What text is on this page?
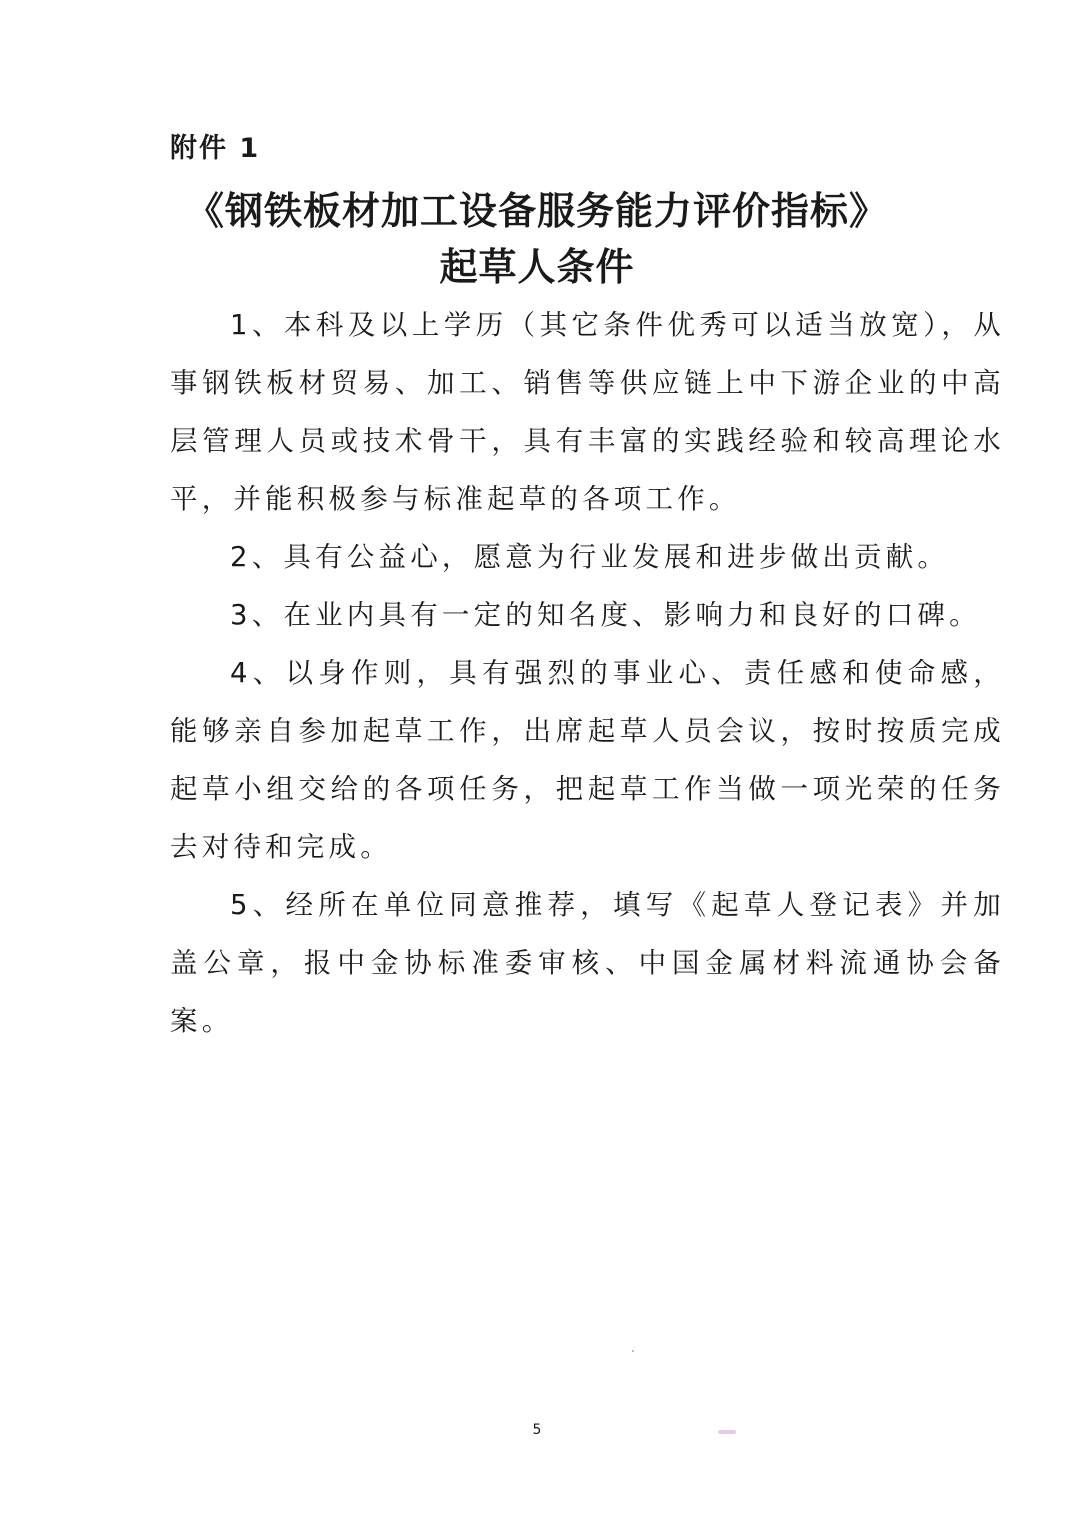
附件 1
《钢铁板材加工设备服务能力评价指标》
起草人条件

1、本科及以上学历（其它条件优秀可以适当放宽），从事钢铁板材贸易、加工、销售等供应链上中下游企业的中高层管理人员或技术骨干，具有丰富的实践经验和较高理论水平，并能积极参与标准起草的各项工作。

2、具有公益心，愿意为行业发展和进步做出贡献。

3、在业内具有一定的知名度、影响力和良好的口碑。

4、以身作则，具有强烈的事业心、责任感和使命感，能够亲自参加起草工作，出席起草人员会议，按时按质完成起草小组交给的各项任务，把起草工作当做一项光荣的任务去对待和完成。

5、经所在单位同意推荐，填写《起草人登记表》并加盖公章，报中金协标准委审核、中国金属材料流通协会备案。

5
